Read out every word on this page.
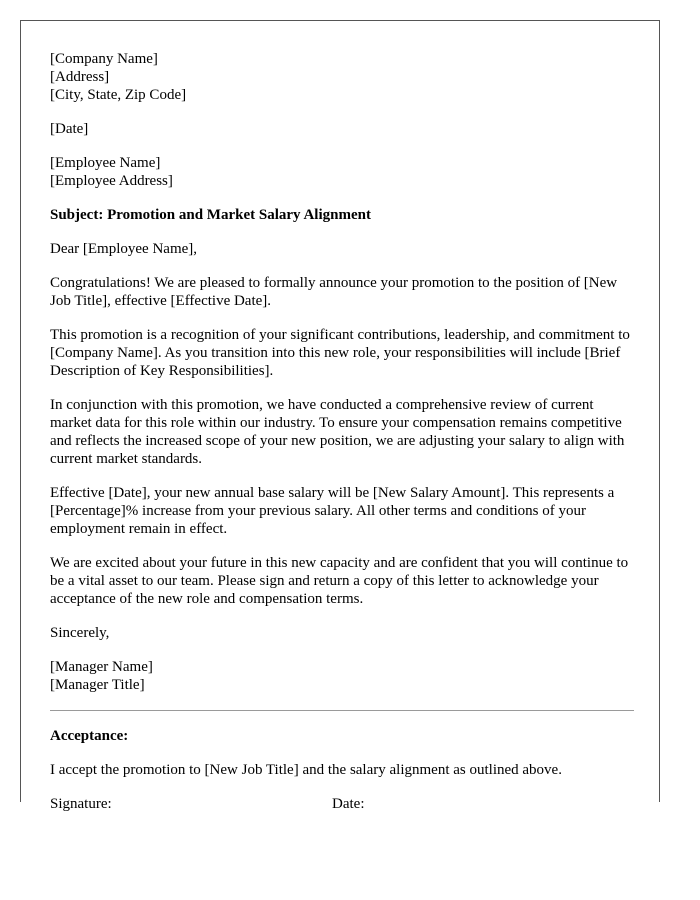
[Company Name]
[Address]
[City, State, Zip Code]
[Date]
[Employee Name]
[Employee Address]
Subject: Promotion and Market Salary Alignment
Dear [Employee Name],

Congratulations! We are pleased to formally announce your promotion to the position of [New Job Title], effective [Effective Date].

This promotion is a recognition of your significant contributions, leadership, and commitment to [Company Name]. As you transition into this new role, your responsibilities will include [Brief Description of Key Responsibilities].

In conjunction with this promotion, we have conducted a comprehensive review of current market data for this role within our industry. To ensure your compensation remains competitive and reflects the increased scope of your new position, we are adjusting your salary to align with current market standards.

Effective [Date], your new annual base salary will be [New Salary Amount]. This represents a [Percentage]% increase from your previous salary. All other terms and conditions of your employment remain in effect.

We are excited about your future in this new capacity and are confident that you will continue to be a vital asset to our team. Please sign and return a copy of this letter to acknowledge your acceptance of the new role and compensation terms.

Sincerely,
[Manager Name]
[Manager Title]
Acceptance:
I accept the promotion to [New Job Title] and the salary alignment as outlined above.
Signature:	Date:
